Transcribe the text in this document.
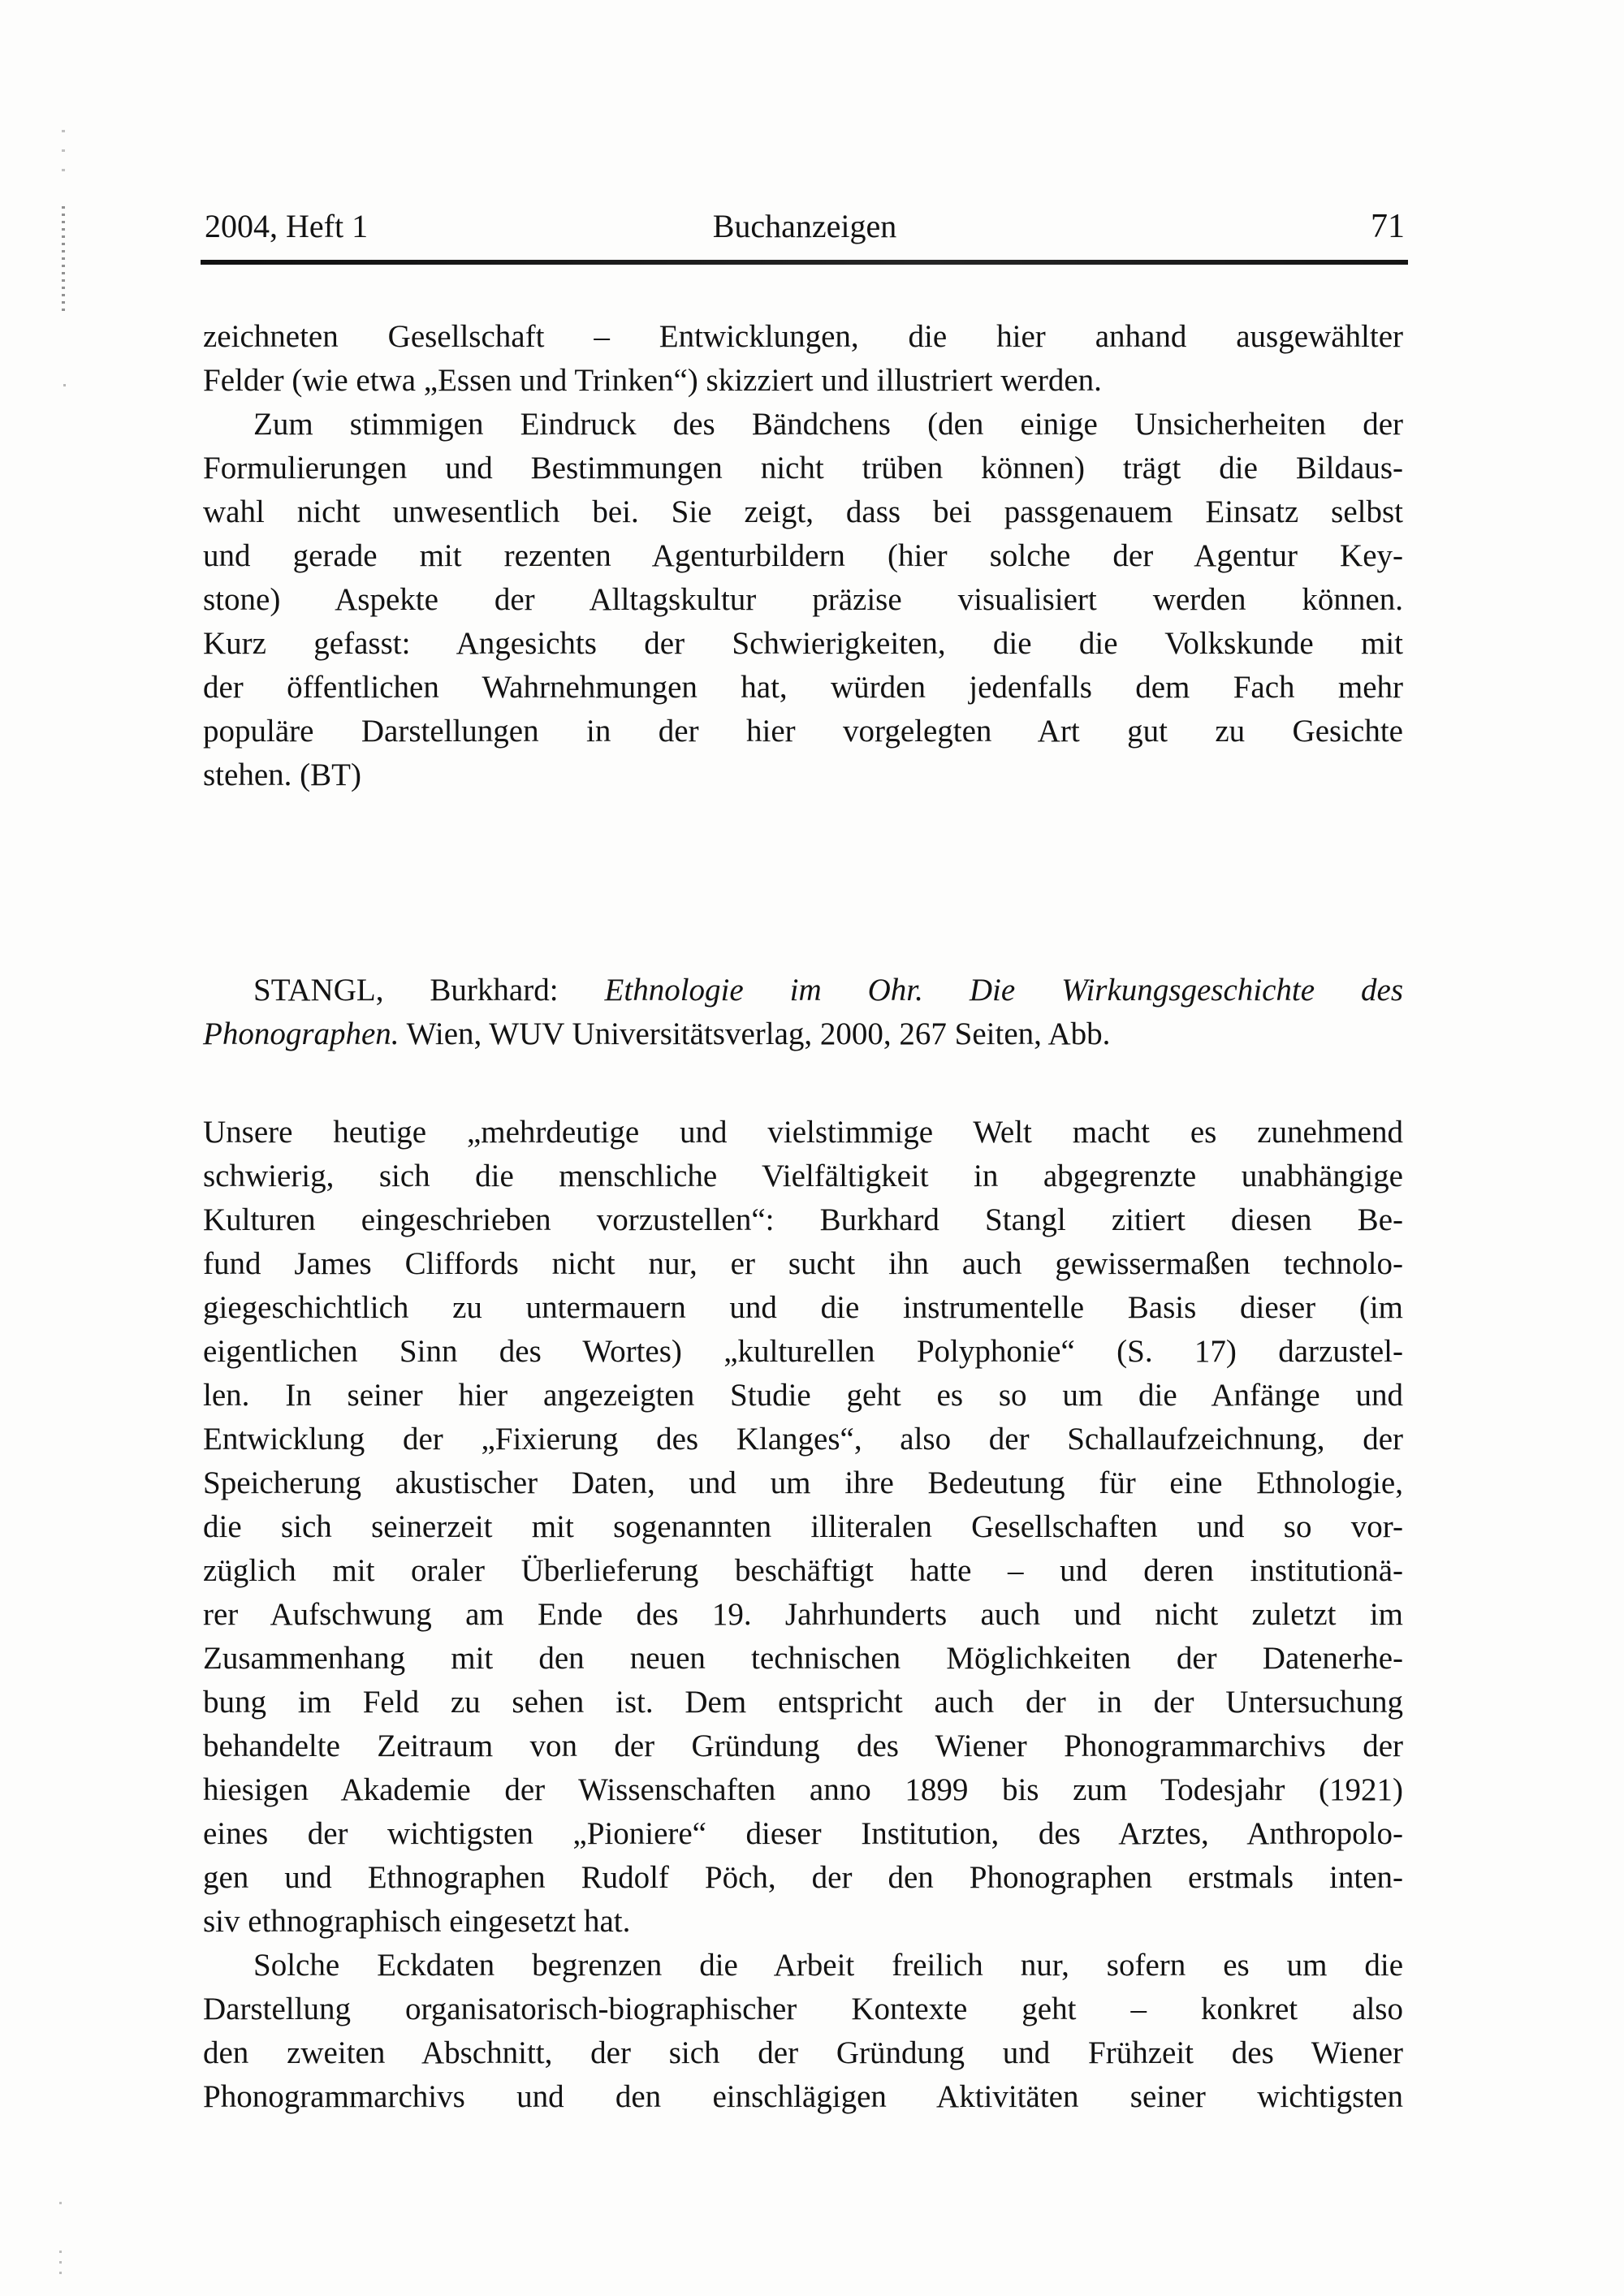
2004, Heft 1	Buchanzeigen	71
zeichneten Gesellschaft – Entwicklungen, die hier anhand ausgewählter
Felder (wie etwa „Essen und Trinken“) skizziert und illustriert werden.
Zum stimmigen Eindruck des Bändchens (den einige Unsicherheiten der
Formulierungen und Bestimmungen nicht trüben können) trägt die Bildaus-
wahl nicht unwesentlich bei. Sie zeigt, dass bei passgenauem Einsatz selbst
und gerade mit rezenten Agenturbildern (hier solche der Agentur Key-
stone) Aspekte der Alltagskultur präzise visualisiert werden können.
Kurz gefasst: Angesichts der Schwierigkeiten, die die Volkskunde mit
der öffentlichen Wahrnehmungen hat, würden jedenfalls dem Fach mehr
populäre Darstellungen in der hier vorgelegten Art gut zu Gesichte
stehen. (BT)
STANGL, Burkhard: Ethnologie im Ohr. Die Wirkungsgeschichte des
Phonographen. Wien, WUV Universitätsverlag, 2000, 267 Seiten, Abb.
Unsere heutige „mehrdeutige und vielstimmige Welt macht es zunehmend
schwierig, sich die menschliche Vielfältigkeit in abgegrenzte unabhängige
Kulturen eingeschrieben vorzustellen“: Burkhard Stangl zitiert diesen Be-
fund James Cliffords nicht nur, er sucht ihn auch gewissermaßen technolo-
giegeschichtlich zu untermauern und die instrumentelle Basis dieser (im
eigentlichen Sinn des Wortes) „kulturellen Polyphonie“ (S. 17) darzustel-
len. In seiner hier angezeigten Studie geht es so um die Anfänge und
Entwicklung der „Fixierung des Klanges“, also der Schallaufzeichnung, der
Speicherung akustischer Daten, und um ihre Bedeutung für eine Ethnologie,
die sich seinerzeit mit sogenannten illiteralen Gesellschaften und so vor-
züglich mit oraler Überlieferung beschäftigt hatte – und deren institutionä-
rer Aufschwung am Ende des 19. Jahrhunderts auch und nicht zuletzt im
Zusammenhang mit den neuen technischen Möglichkeiten der Datenerhe-
bung im Feld zu sehen ist. Dem entspricht auch der in der Untersuchung
behandelte Zeitraum von der Gründung des Wiener Phonogrammarchivs der
hiesigen Akademie der Wissenschaften anno 1899 bis zum Todesjahr (1921)
eines der wichtigsten „Pioniere“ dieser Institution, des Arztes, Anthropolo-
gen und Ethnographen Rudolf Pöch, der den Phonographen erstmals inten-
siv ethnographisch eingesetzt hat.
Solche Eckdaten begrenzen die Arbeit freilich nur, sofern es um die
Darstellung organisatorisch-biographischer Kontexte geht – konkret also
den zweiten Abschnitt, der sich der Gründung und Frühzeit des Wiener
Phonogrammarchivs und den einschlägigen Aktivitäten seiner wichtigsten
